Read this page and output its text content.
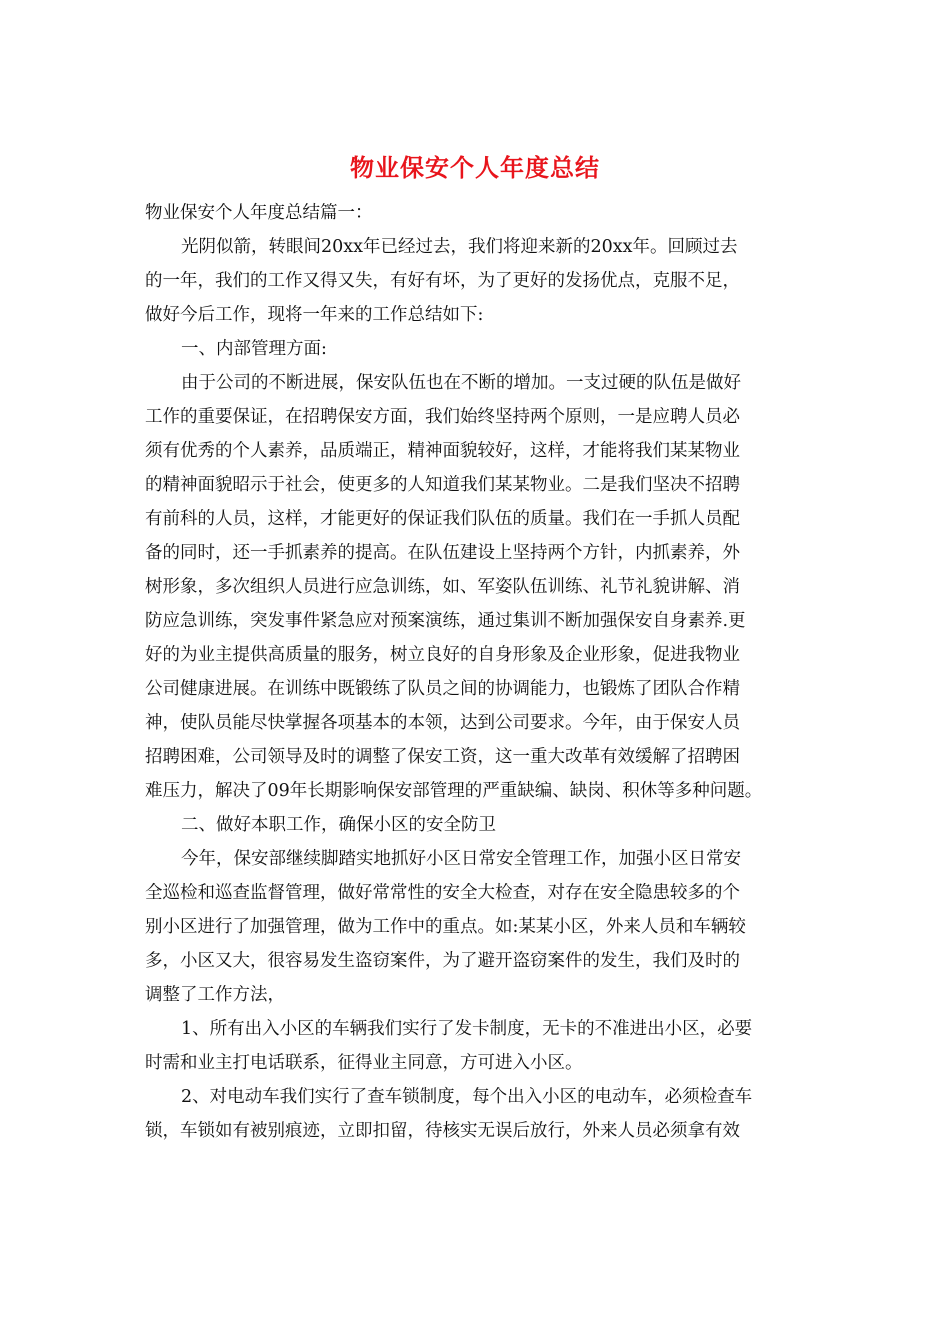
物业保安个人年度总结
物业保安个人年度总结篇一：
光阴似箭，转眼间20xx年已经过去，我们将迎来新的20xx年。回顾过去
的一年，我们的工作又得又失，有好有坏，为了更好的发扬优点，克服不足，
做好今后工作，现将一年来的工作总结如下:
一、内部管理方面:
由于公司的不断进展，保安队伍也在不断的增加。一支过硬的队伍是做好
工作的重要保证，在招聘保安方面，我们始终坚持两个原则，一是应聘人员必
须有优秀的个人素养，品质端正，精神面貌较好，这样，才能将我们某某物业
的精神面貌昭示于社会，使更多的人知道我们某某物业。二是我们坚决不招聘
有前科的人员，这样，才能更好的保证我们队伍的质量。我们在一手抓人员配
备的同时，还一手抓素养的提高。在队伍建设上坚持两个方针，内抓素养，外
树形象，多次组织人员进行应急训练，如、军姿队伍训练、礼节礼貌讲解、消
防应急训练，突发事件紧急应对预案演练，通过集训不断加强保安自身素养.更
好的为业主提供高质量的服务，树立良好的自身形象及企业形象，促进我物业
公司健康进展。在训练中既锻练了队员之间的协调能力，也锻炼了团队合作精
神，使队员能尽快掌握各项基本的本领，达到公司要求。今年，由于保安人员
招聘困难，公司领导及时的调整了保安工资，这一重大改革有效缓解了招聘困
难压力，解决了09年长期影响保安部管理的严重缺编、缺岗、积休等多种问题。
二、做好本职工作，确保小区的安全防卫
今年，保安部继续脚踏实地抓好小区日常安全管理工作，加强小区日常安
全巡检和巡查监督管理，做好常常性的安全大检查，对存在安全隐患较多的个
别小区进行了加强管理，做为工作中的重点。如:某某小区，外来人员和车辆较
多，小区又大，很容易发生盗窃案件，为了避开盗窃案件的发生，我们及时的
调整了工作方法，
1、所有出入小区的车辆我们实行了发卡制度，无卡的不准进出小区，必要
时需和业主打电话联系，征得业主同意，方可进入小区。
2、对电动车我们实行了查车锁制度，每个出入小区的电动车，必须检查车
锁，车锁如有被别痕迹，立即扣留，待核实无误后放行，外来人员必须拿有效
